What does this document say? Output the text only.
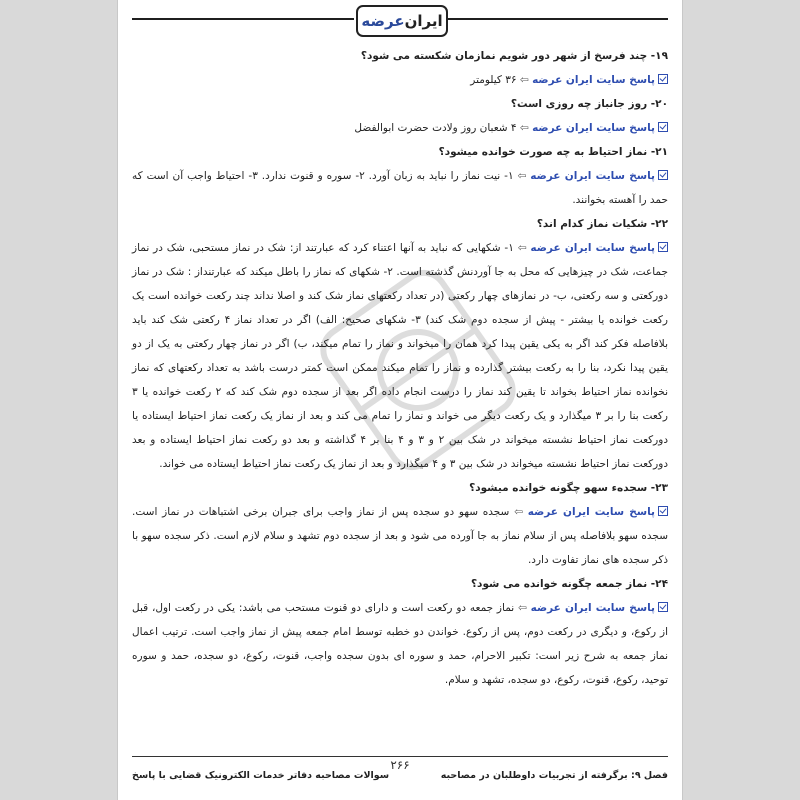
ایران
عرضه
۱۹- چند فرسخ از شهر دور شویم نمازمان شکسته می شود؟
پاسخ سایت ایران عرضه ⇦ ۳۶ کیلومتر
۲۰- روز جانباز چه روزی است؟
پاسخ سایت ایران عرضه ⇦ ۴ شعبان روز ولادت حضرت ابوالفضل
۲۱- نماز احتیاط به چه صورت خوانده میشود؟
پاسخ سایت ایران عرضه ⇦ ۱- نیت نماز را نباید به زبان آورد. ۲- سوره و قنوت ندارد. ۳- احتیاط واجب آن است که حمد را آهسته بخوانند.
۲۲- شکیات نماز کدام اند؟
پاسخ سایت ایران عرضه ⇦ ۱- شکهایی که نباید به آنها اعتناء کرد که عبارتند از: شک در نماز مستحبی، شک در نماز جماعت، شک در چیزهایی که محل به جا آوردنش گذشته است. ۲- شکهای که نماز را باطل میکند که عبارتنداز : شک در نماز دورکعتی و سه رکعتی، ب- در نمازهای چهار رکعتی (در تعداد رکعتهای نماز شک کند و اصلا نداند چند رکعت خوانده است یک رکعت خوانده یا بیشتر - پیش از سجده دوم شک کند) ۳- شکهای صحیح: الف) اگر در تعداد نماز ۴ رکعتی شک کند باید بلافاصله فکر کند اگر به یکی یقین پیدا کرد همان را میخواند و نماز را تمام میکند، ب) اگر در نماز چهار رکعتی به یک از دو یقین پیدا نکرد، بنا را به رکعت بیشتر گذارده و نماز را تمام میکند ممکن است کمتر درست باشد به تعداد رکعتهای که نماز نخوانده نماز احتیاط بخواند تا یقین کند نماز را درست انجام داده اگر بعد از سجده دوم شک کند که ۲ رکعت خوانده یا ۳ رکعت بنا را بر ۳ میگذارد و یک رکعت دیگر می خواند و نماز را تمام می کند و بعد از نماز یک رکعت نماز احتیاط ایستاده یا دورکعت نماز احتیاط نشسته میخواند در شک بین ۲ و ۳ و ۴ بنا بر ۴ گذاشته و بعد دو رکعت نماز احتیاط ایستاده و بعد دورکعت نماز احتیاط نشسته میخواند در شک بین ۳ و ۴ میگذارد و بعد از نماز یک رکعت نماز احتیاط ایستاده می خواند.
۲۳- سجدهء سهو چگونه خوانده میشود؟
پاسخ سایت ایران عرضه ⇦ سجده سهو دو سجده پس از نماز واجب برای جبران برخی اشتباهات در نماز است. سجده سهو بلافاصله پس از سلام نماز به جا آورده می شود و بعد از سجده دوم تشهد و سلام لازم است. ذکر سجده سهو با ذکر سجده های نماز تفاوت دارد.
۲۴- نماز جمعه چگونه خوانده می شود؟
پاسخ سایت ایران عرضه ⇦ نماز جمعه دو رکعت است و دارای دو قنوت مستحب می باشد: یکی در رکعت اول، قبل از رکوع، و دیگری در رکعت دوم، پس از رکوع. خواندن دو خطبه توسط امام جمعه پیش از نماز واجب است. ترتیب اعمال نماز جمعه به شرح زیر است: تکبیر الاحرام، حمد و سوره ای بدون سجده واجب، قنوت، رکوع، دو سجده، حمد و سوره توحید، رکوع، قنوت، رکوع، دو سجده، تشهد و سلام.
۲۶۶
فصل ۹: برگرفته از تجربیات داوطلبان در مصاحبه
سوالات مصاحبه دفاتر خدمات الکترونیک قضایی با پاسخ
